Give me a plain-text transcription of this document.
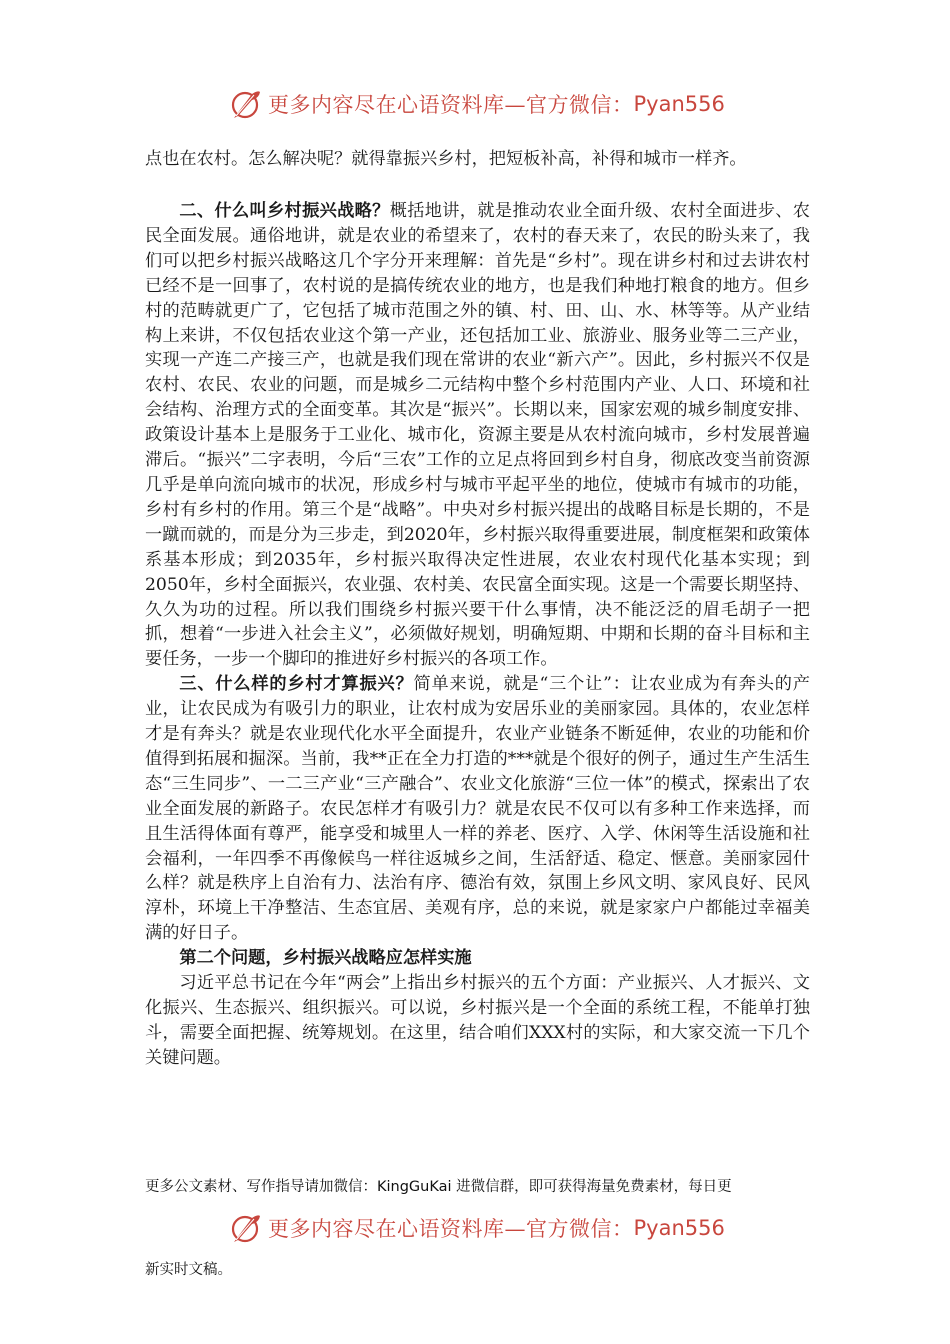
更多内容尽在心语资料库—官方微信： Pyan556

点也在农村。怎么解决呢？就得靠振兴乡村，把短板补高，补得和城市一样齐。

二、什么叫乡村振兴战略？概括地讲，就是推动农业全面升级、农村全面进步、农民全面发展。通俗地讲，就是农业的希望来了，农村的春天来了，农民的盼头来了，我们可以把乡村振兴战略这几个字分开来理解：首先是“乡村”。现在讲乡村和过去讲农村已经不是一回事了，农村说的是搞传统农业的地方，也是我们种地打粮食的地方。但乡村的范畴就更广了，它包括了城市范围之外的镇、村、田、山、水、林等等。从产业结构上来讲，不仅包括农业这个第一产业，还包括加工业、旅游业、服务业等二三产业，实现一产连二产接三产，也就是我们现在常讲的农业“新六产”。因此，乡村振兴不仅是农村、农民、农业的问题，而是城乡二元结构中整个乡村范围内产业、人口、环境和社会结构、治理方式的全面变革。其次是“振兴”。长期以来，国家宏观的城乡制度安排、政策设计基本上是服务于工业化、城市化，资源主要是从农村流向城市，乡村发展普遍滞后。“振兴”二字表明，今后“三农”工作的立足点将回到乡村自身，彻底改变当前资源几乎是单向流向城市的状况，形成乡村与城市平起平坐的地位，使城市有城市的功能，乡村有乡村的作用。第三个是“战略”。中央对乡村振兴提出的战略目标是长期的，不是一蹴而就的，而是分为三步走，到2020年，乡村振兴取得重要进展，制度框架和政策体系基本形成；到2035年，乡村振兴取得决定性进展，农业农村现代化基本实现；到2050年，乡村全面振兴，农业强、农村美、农民富全面实现。这是一个需要长期坚持、久久为功的过程。所以我们围绕乡村振兴要干什么事情，决不能泛泛的眉毛胡子一把抓，想着“一步进入社会主义”，必须做好规划，明确短期、中期和长期的奋斗目标和主要任务，一步一个脚印的推进好乡村振兴的各项工作。

三、什么样的乡村才算振兴？简单来说，就是“三个让”：让农业成为有奔头的产业，让农民成为有吸引力的职业，让农村成为安居乐业的美丽家园。具体的，农业怎样才是有奔头？就是农业现代化水平全面提升，农业产业链条不断延伸，农业的功能和价值得到拓展和掘深。当前，我**正在全力打造的***就是个很好的例子，通过生产生活生态“三生同步”、一二三产业“三产融合”、农业文化旅游“三位一体”的模式，探索出了农业全面发展的新路子。农民怎样才有吸引力？就是农民不仅可以有多种工作来选择，而且生活得体面有尊严，能享受和城里人一样的养老、医疗、入学、休闲等生活设施和社会福利，一年四季不再像候鸟一样往返城乡之间，生活舒适、稳定、惬意。美丽家园什么样？就是秩序上自治有力、法治有序、德治有效，氛围上乡风文明、家风良好、民风淳朴，环境上干净整洁、生态宜居、美观有序，总的来说，就是家家户户都能过幸福美满的好日子。

第二个问题，乡村振兴战略应怎样实施

习近平总书记在今年“两会”上指出乡村振兴的五个方面：产业振兴、人才振兴、文化振兴、生态振兴、组织振兴。可以说，乡村振兴是一个全面的系统工程，不能单打独斗，需要全面把握、统筹规划。在这里，结合咱们XXX村的实际，和大家交流一下几个关键问题。

更多公文素材、写作指导请加微信：KingGuKai 进微信群，即可获得海量免费素材，每日更
更多内容尽在心语资料库—官方微信： Pyan556
新实时文稿。
